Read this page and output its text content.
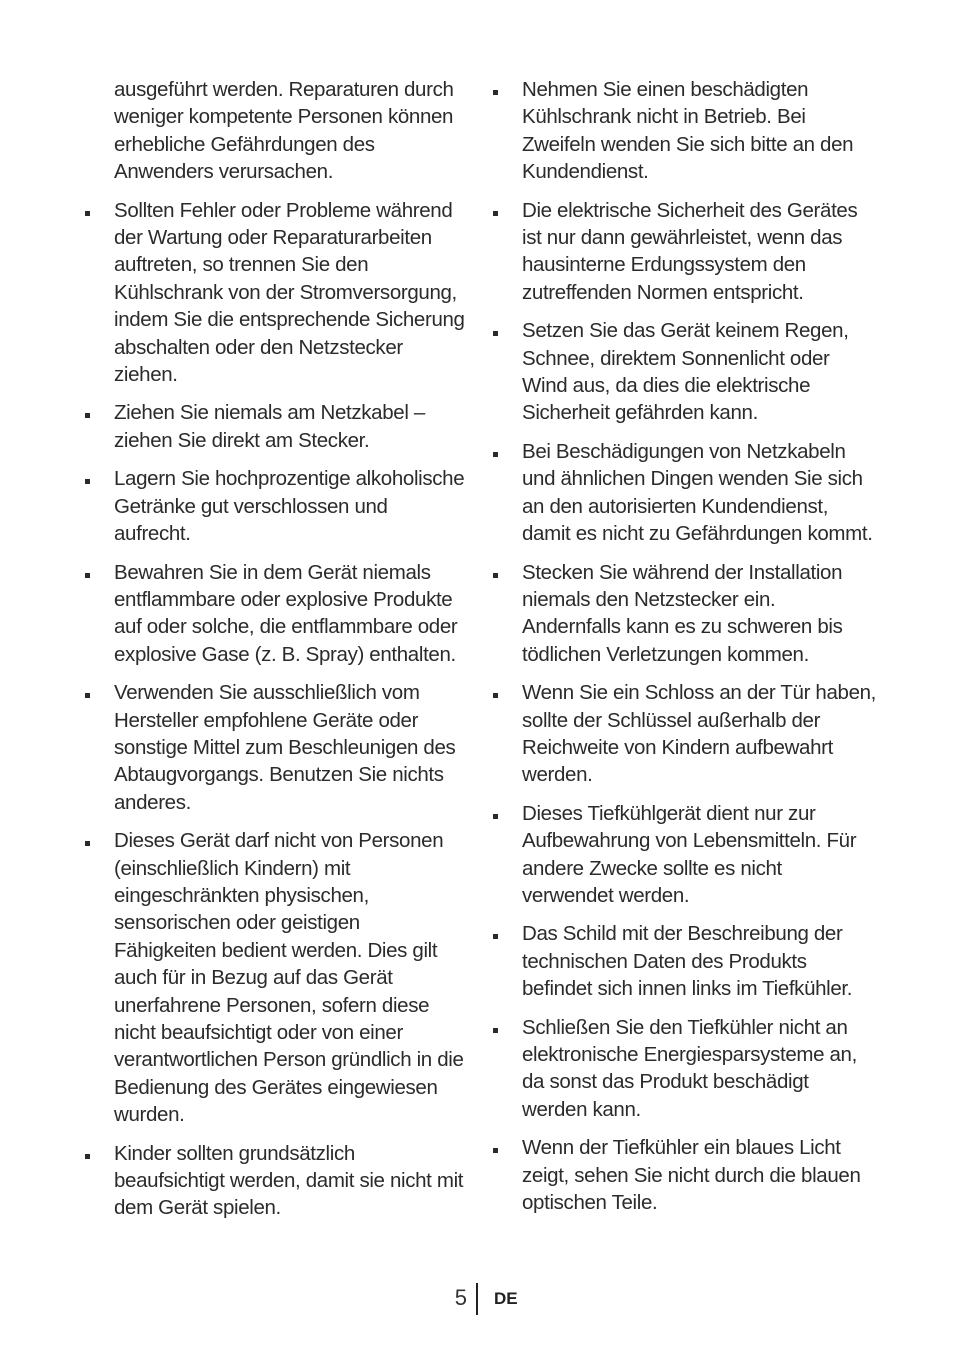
ausgeführt werden. Reparaturen durch weniger kompetente Personen können erhebliche Gefährdungen des Anwenders verursachen.

Sollten Fehler oder Probleme während der Wartung oder Reparaturarbeiten auftreten, so trennen Sie den Kühlschrank von der Stromversorgung, indem Sie die entsprechende Sicherung abschalten oder den Netzstecker ziehen.

Ziehen Sie niemals am Netzkabel – ziehen Sie direkt am Stecker.

Lagern Sie hochprozentige alkoholische Getränke gut verschlossen und aufrecht.

Bewahren Sie in dem Gerät niemals entflammbare oder explosive Produkte auf oder solche, die entflammbare oder explosive Gase (z. B. Spray) enthalten.

Verwenden Sie ausschließlich vom Hersteller empfohlene Geräte oder sonstige Mittel zum Beschleunigen des Abtaugvorgangs. Benutzen Sie nichts anderes.

Dieses Gerät darf nicht von Personen (einschließlich Kindern) mit eingeschränkten physischen, sensorischen oder geistigen Fähigkeiten bedient werden. Dies gilt auch für in Bezug auf das Gerät unerfahrene Personen, sofern diese nicht beaufsichtigt oder von einer verantwortlichen Person gründlich in die Bedienung des Gerätes eingewiesen wurden.

Kinder sollten grundsätzlich beaufsichtigt werden, damit sie nicht mit dem Gerät spielen.

Nehmen Sie einen beschädigten Kühlschrank nicht in Betrieb. Bei Zweifeln wenden Sie sich bitte an den Kundendienst.

Die elektrische Sicherheit des Gerätes ist nur dann gewährleistet, wenn das hausinterne Erdungssystem den zutreffenden Normen entspricht.

Setzen Sie das Gerät keinem Regen, Schnee, direktem Sonnenlicht oder Wind aus, da dies die elektrische Sicherheit gefährden kann.

Bei Beschädigungen von Netzkabeln und ähnlichen Dingen wenden Sie sich an den autorisierten Kundendienst, damit es nicht zu Gefährdungen kommt.

Stecken Sie während der Installation niemals den Netzstecker ein. Andernfalls kann es zu schweren bis tödlichen Verletzungen kommen.

Wenn Sie ein Schloss an der Tür haben, sollte der Schlüssel außerhalb der Reichweite von Kindern aufbewahrt werden.

Dieses Tiefkühlgerät dient nur zur Aufbewahrung von Lebensmitteln. Für andere Zwecke sollte es nicht verwendet werden.

Das Schild mit der Beschreibung der technischen Daten des Produkts befindet sich innen links im Tiefkühler.

Schließen Sie den Tiefkühler nicht an elektronische Energiesparsysteme an, da sonst das Produkt beschädigt werden kann.

Wenn der Tiefkühler ein blaues Licht zeigt, sehen Sie nicht durch die blauen optischen Teile.

5 DE
